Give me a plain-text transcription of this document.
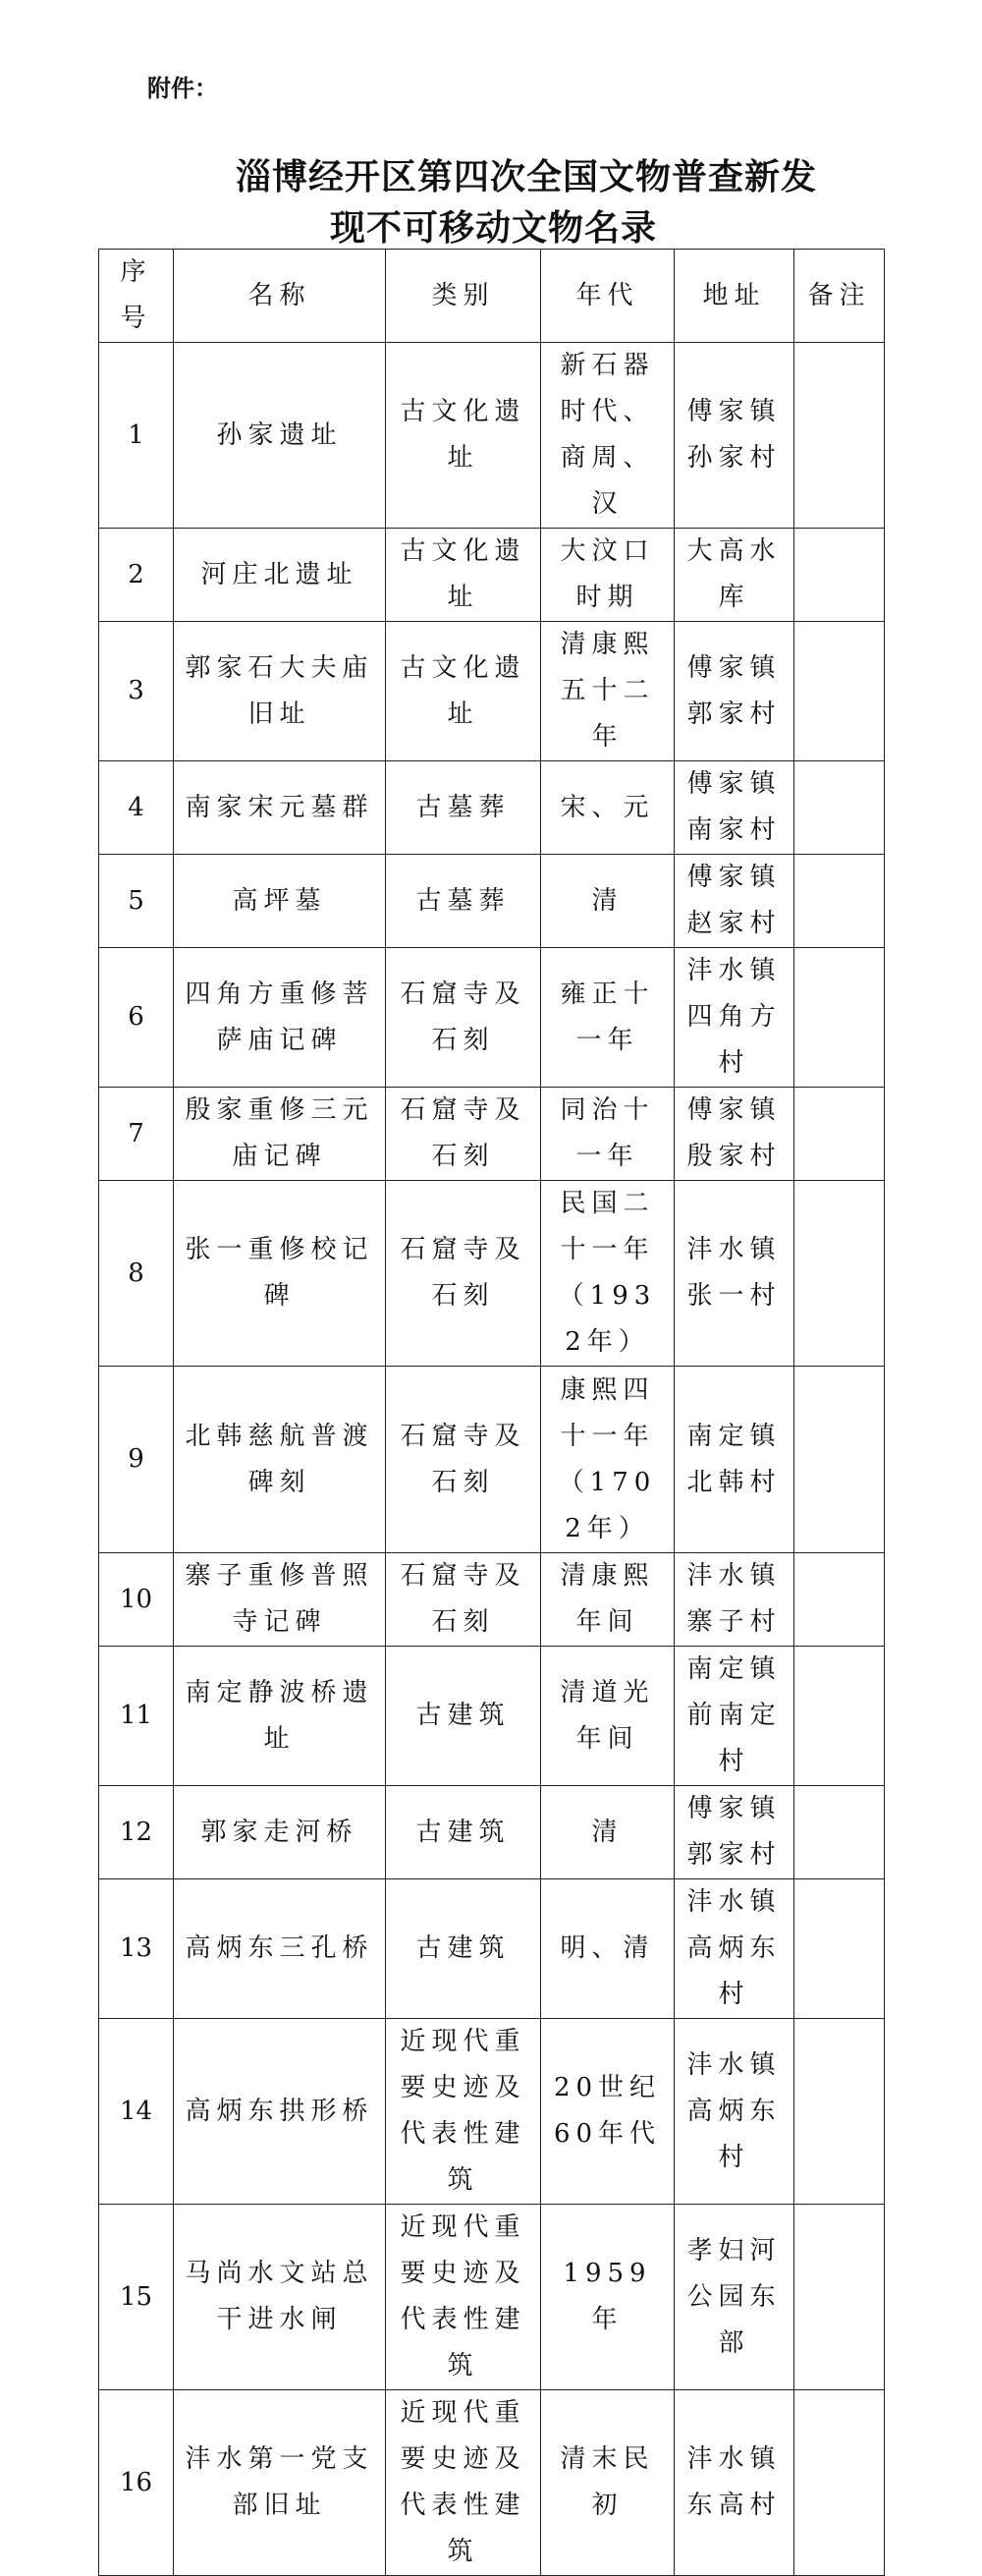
附件：
淄博经开区第四次全国文物普查新发
现不可移动文物名录
序号	名称	类别	年代	地址	备注
1	孙家遗址	古文化遗址	新石器时代、商周、汉	傅家镇孙家村	
2	河庄北遗址	古文化遗址	大汶口时期	大高水库	
3	郭家石大夫庙旧址	古文化遗址	清康熙五十二年	傅家镇郭家村	
4	南家宋元墓群	古墓葬	宋、元	傅家镇南家村	
5	高坪墓	古墓葬	清	傅家镇赵家村	
6	四角方重修菩萨庙记碑	石窟寺及石刻	雍正十一年	沣水镇四角方村	
7	殷家重修三元庙记碑	石窟寺及石刻	同治十一年	傅家镇殷家村	
8	张一重修校记碑	石窟寺及石刻	民国二十一年（1932年）	沣水镇张一村	
9	北韩慈航普渡碑刻	石窟寺及石刻	康熙四十一年（1702年）	南定镇北韩村	
10	寨子重修普照寺记碑	石窟寺及石刻	清康熙年间	沣水镇寨子村	
11	南定静波桥遗址	古建筑	清道光年间	南定镇前南定村	
12	郭家走河桥	古建筑	清	傅家镇郭家村	
13	高炳东三孔桥	古建筑	明、清	沣水镇高炳东村	
14	高炳东拱形桥	近现代重要史迹及代表性建筑	20世纪60年代	沣水镇高炳东村	
15	马尚水文站总干进水闸	近现代重要史迹及代表性建筑	1959年	孝妇河公园东部	
16	沣水第一党支部旧址	近现代重要史迹及代表性建筑	清末民初	沣水镇东高村	
